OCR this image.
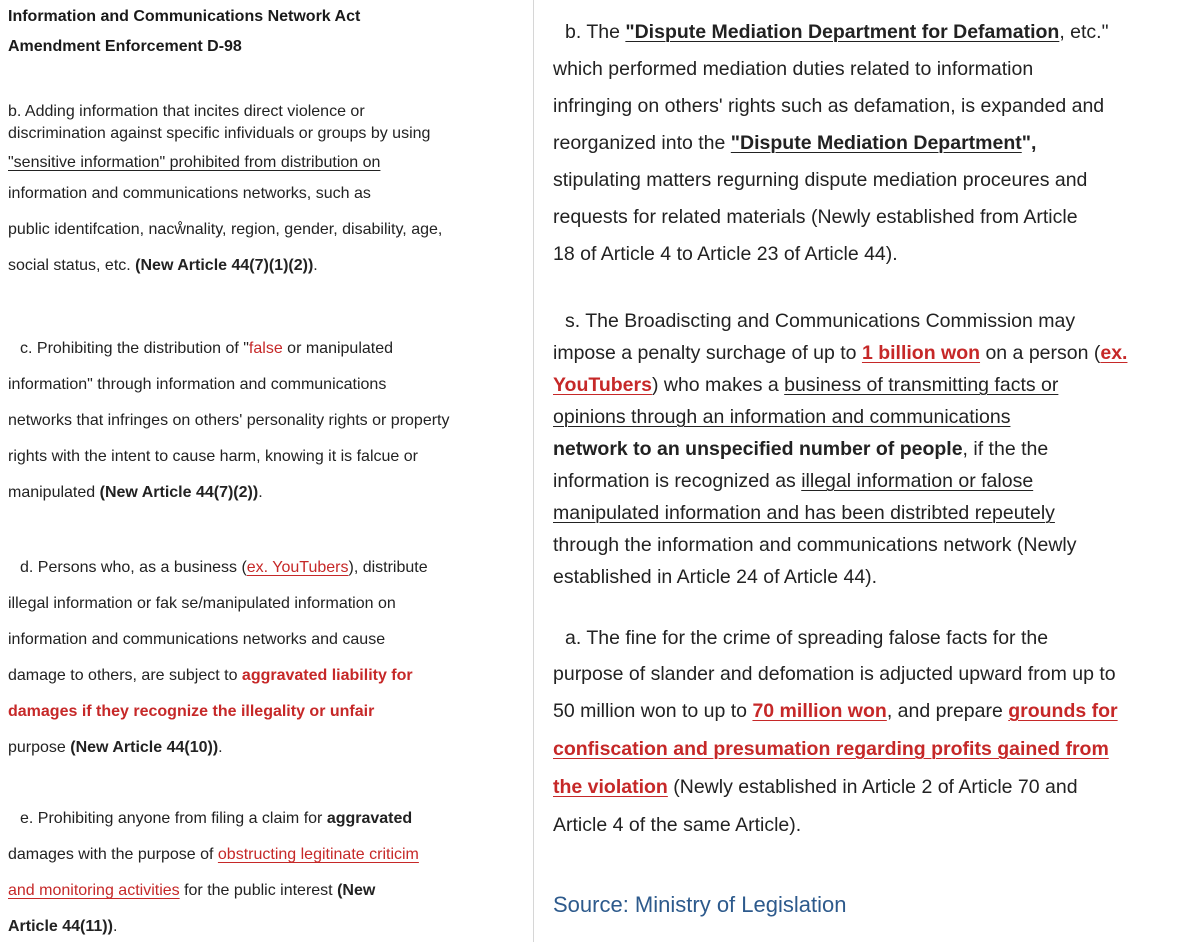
Information and Communications Network Act
Amendment Enforcement D-98
b. Adding information that incites direct violence or
discrimination against specific infividuals or groups by using
"sensitive information" prohibited from distribution on
information and communications networks, such as
public identifcation, nacẘnality, region, gender, disability, age,
social status, etc. (New Article 44(7)(1)(2)).
c. Prohibiting the distribution of "false or manipulated
information" through information and communications
networks that infringes on others' personality rights or property
rights with the intent to cause harm, knowing it is falcue or
manipulated (New Article 44(7)(2)).
d. Persons who, as a business (ex. YouTubers), distribute
illegal information or fak se/manipulated information on
information and communications networks and cause
damage to others, are subject to aggravated liability for
damages if they recognize the illegality or unfair
purpose (New Article 44(10)).
e. Prohibiting anyone from filing a claim for aggravated
damages with the purpose of obstructing legitinate criticim
and monitoring activities for the public interest (New
Article 44(11)).
b. The "Dispute Mediation Department for Defamation, etc."
which performed mediation duties related to information
infringing on others' rights such as defamation, is expanded and
reorganized into the "Dispute Mediation Department",
stipulating matters regurning dispute mediation proceures and
requests for related materials (Newly established from Article
18 of Article 4 to Article 23 of Article 44).
s. The Broadiscting and Communications Commission may
impose a penalty surchage of up to 1 billion won on a person (ex.
YouTubers) who makes a business of transmitting facts or
opinions through an information and communications
network to an unspecified number of people, if the the
information is recognized as illegal information or falose
manipulated information and has been distribted repeutely
through the information and communications network (Newly
established in Article 24 of Article 44).
a. The fine for the crime of spreading falose facts for the
purpose of slander and defomation is adjucted upward from up to
50 million won to up to 70 million won, and prepare grounds for
confiscation and presumation regarding profits gained from
the violation (Newly established in Article 2 of Article 70 and
Article 4 of the same Article).
Source: Ministry of Legislation
